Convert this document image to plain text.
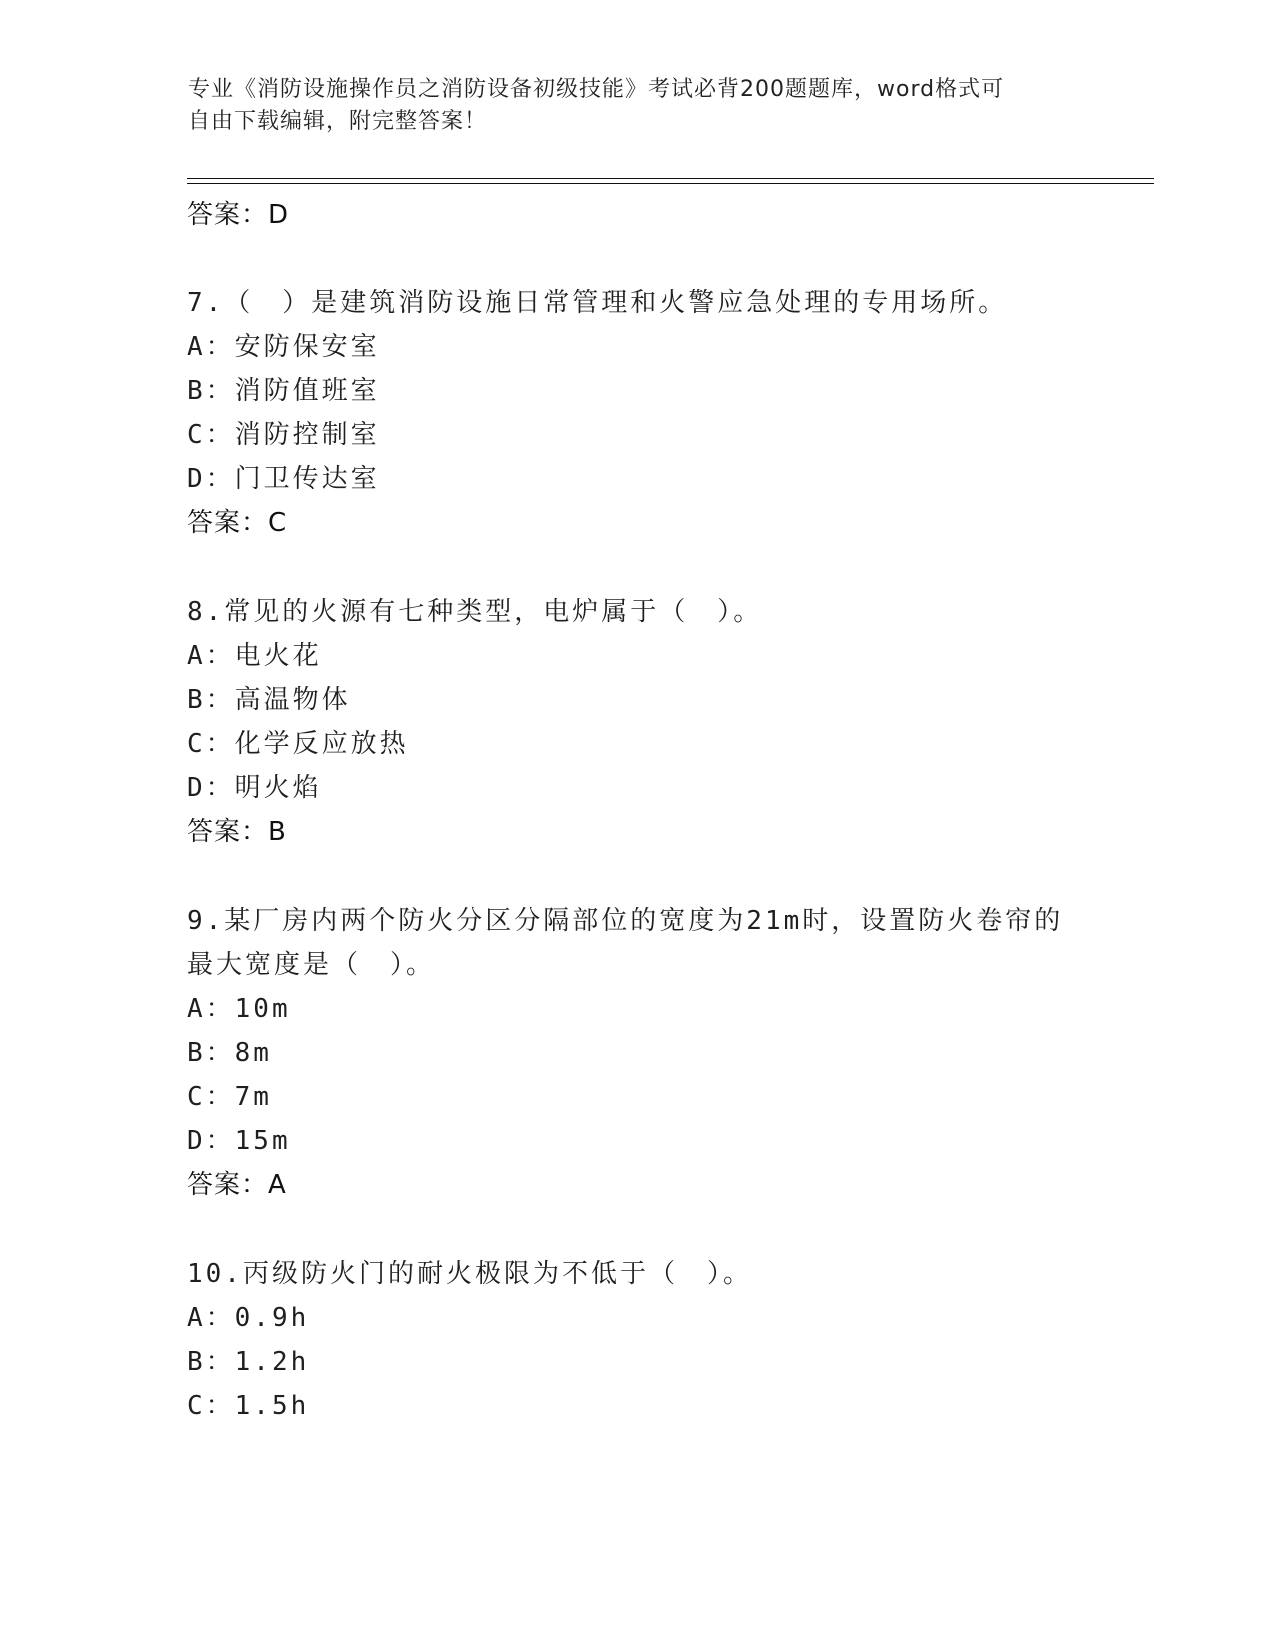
专业《消防设施操作员之消防设备初级技能》考试必背200题题库，word格式可
自由下载编辑，附完整答案！
答案：D
7.（　）是建筑消防设施日常管理和火警应急处理的专用场所。
A：安防保安室
B：消防值班室
C：消防控制室
D：门卫传达室
答案：C
8.常见的火源有七种类型，电炉属于（　）。
A：电火花
B：高温物体
C：化学反应放热
D：明火焰
答案：B
9.某厂房内两个防火分区分隔部位的宽度为21m时，设置防火卷帘的
最大宽度是（　）。
A：10m
B：8m
C：7m
D：15m
答案：A
10.丙级防火门的耐火极限为不低于（　）。
A：0.9h
B：1.2h
C：1.5h
